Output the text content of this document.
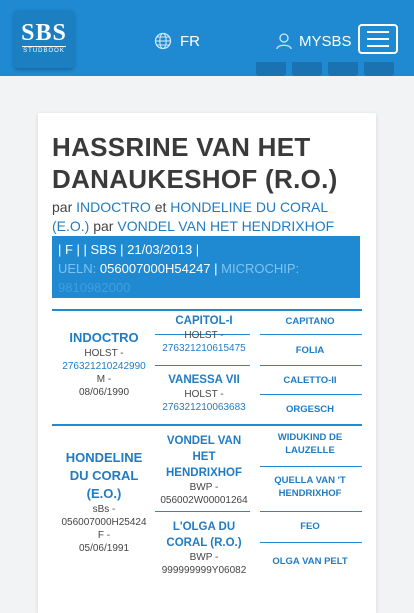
SBS
STUDBOOK
FR	MYSBS
HASSRINE VAN HET DANAUKESHOF (R.O.)
par INDOCTRO et HONDELINE DU CORAL (E.O.) par VONDEL VAN HET HENDRIXHOF
| F | | SBS | 21/03/2013 |
UELN: 056007000H54247 | MICROCHIP:
9810982000
INDOCTRO
HOLST -
276321210242990
M -
08/06/1990
CAPITOL-I
HOLST -
276321210615475
CAPITANO
FOLIA
VANESSA VII
HOLST -
276321210063683
CALETTO-II
ORGESCH
HONDELINE
DU CORAL
(E.O.)
sBs -
056007000H25424
F -
05/06/1991
VONDEL VAN
HET
HENDRIXHOF
BWP -
056002W00001264
WIDUKIND DE
LAUZELLE
QUELLA VAN 'T
HENDRIXHOF
L'OLGA DU
CORAL (R.O.)
BWP -
999999999Y06082
FEO
OLGA VAN PELT
